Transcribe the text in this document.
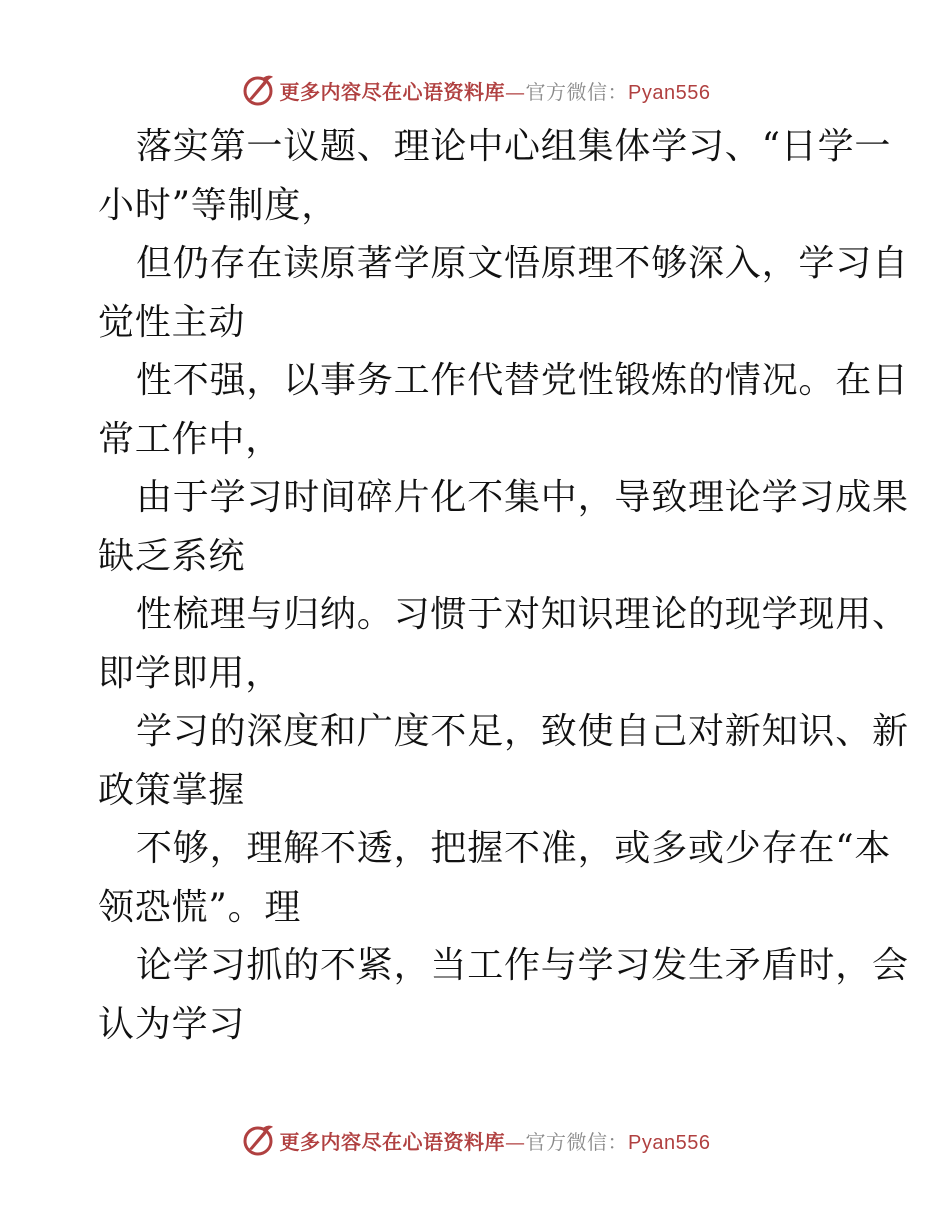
更多内容尽在心语资料库—官方微信：Pyan556
落实第一议题、理论中心组集体学习、“日学一
小时”等制度，
但仍存在读原著学原文悟原理不够深入，学习自
觉性主动
性不强，以事务工作代替党性锻炼的情况。在日
常工作中，
由于学习时间碎片化不集中，导致理论学习成果
缺乏系统
性梳理与归纳。习惯于对知识理论的现学现用、
即学即用，
学习的深度和广度不足，致使自己对新知识、新
政策掌握
不够，理解不透，把握不准，或多或少存在“本
领恐慌”。理
论学习抓的不紧，当工作与学习发生矛盾时，会
认为学习
更多内容尽在心语资料库—官方微信：Pyan556
